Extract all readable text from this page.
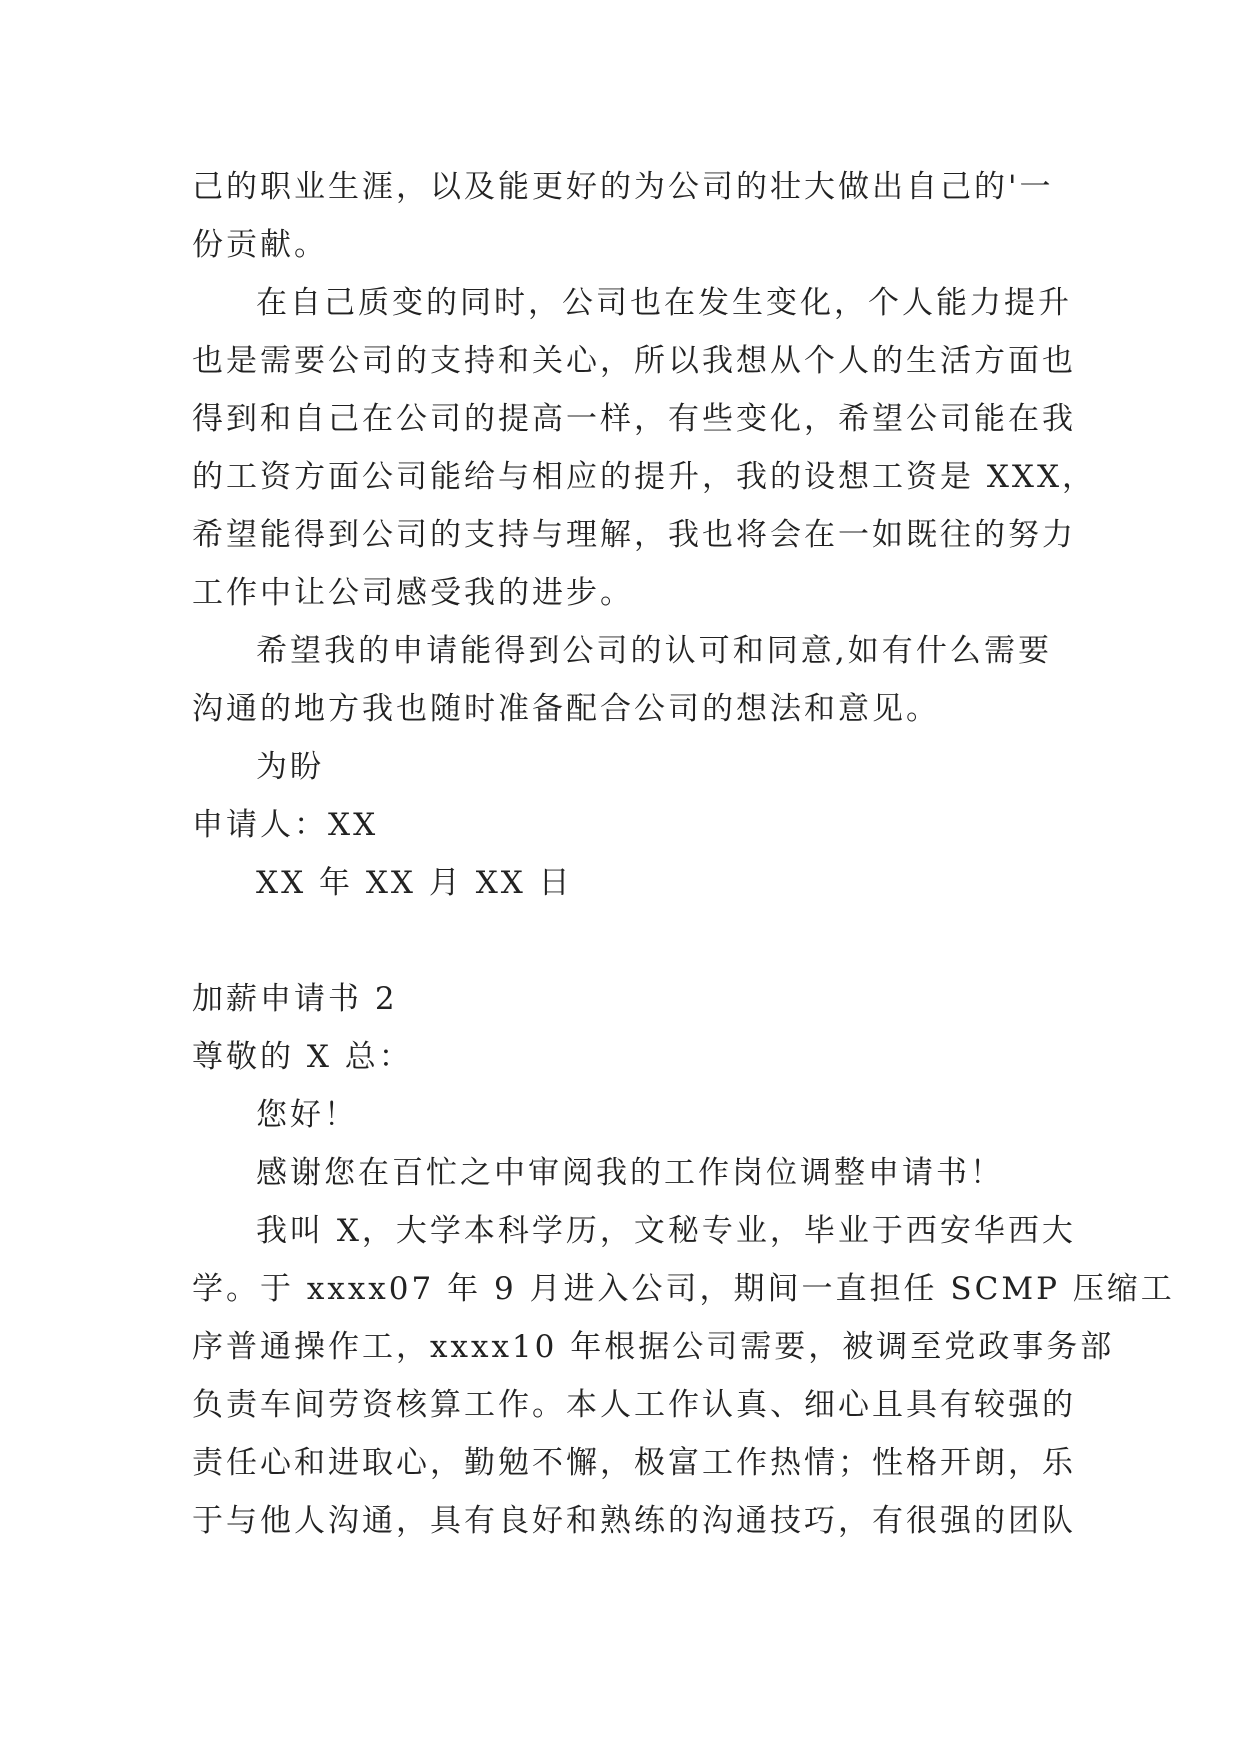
己的职业生涯，以及能更好的为公司的壮大做出自己的'一
份贡献。
在自己质变的同时，公司也在发生变化，个人能力提升
也是需要公司的支持和关心，所以我想从个人的生活方面也
得到和自己在公司的提高一样，有些变化，希望公司能在我
的工资方面公司能给与相应的提升，我的设想工资是 XXX，
希望能得到公司的支持与理解，我也将会在一如既往的努力
工作中让公司感受我的进步。
希望我的申请能得到公司的认可和同意,如有什么需要
沟通的地方我也随时准备配合公司的想法和意见。
为盼
申请人：XX
XX 年 XX 月 XX 日
加薪申请书 2
尊敬的 X 总：
您好！
感谢您在百忙之中审阅我的工作岗位调整申请书！
我叫 X，大学本科学历，文秘专业，毕业于西安华西大
学。于 xxxx07 年 9 月进入公司，期间一直担任 SCMP 压缩工
序普通操作工，xxxx10 年根据公司需要，被调至党政事务部
负责车间劳资核算工作。本人工作认真、细心且具有较强的
责任心和进取心，勤勉不懈，极富工作热情；性格开朗，乐
于与他人沟通，具有良好和熟练的沟通技巧，有很强的团队
